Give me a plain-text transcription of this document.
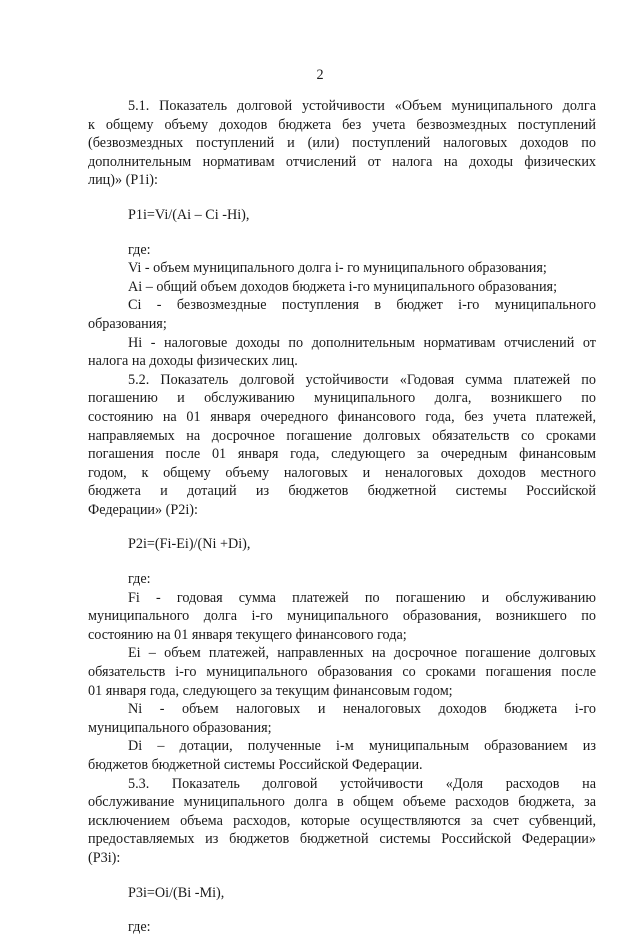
2
5.1. Показатель долговой устойчивости «Объем муниципального долга
к общему объему доходов бюджета без учета безвозмездных поступлений
(безвозмездных поступлений и (или) поступлений налоговых доходов по
дополнительным нормативам отчислений от налога на доходы физических
лиц)» (P1i):
P1i=Vi/(Ai – Ci -Hi),
где:
Vi - объем муниципального долга i- го муниципального образования;
Ai – общий объем доходов бюджета i-го муниципального образования;
Ci - безвозмездные поступления в бюджет i-го муниципального
образования;
Hi - налоговые доходы по дополнительным нормативам отчислений от
налога на доходы физических лиц.
5.2. Показатель долговой устойчивости «Годовая сумма платежей по
погашению и обслуживанию муниципального долга, возникшего по
состоянию на 01 января очередного финансового года, без учета платежей,
направляемых на досрочное погашение долговых обязательств со сроками
погашения после 01 января года, следующего за очередным финансовым
годом, к общему объему налоговых и неналоговых доходов местного
бюджета и дотаций из бюджетов бюджетной системы Российской
Федерации» (P2i):
P2i=(Fi-Ei)/(Ni +Di),
где:
Fi - годовая сумма платежей по погашению и обслуживанию
муниципального долга i-го муниципального образования, возникшего по
состоянию на 01 января текущего финансового года;
Ei – объем платежей, направленных на досрочное погашение долговых
обязательств i-го муниципального образования со сроками погашения после
01 января года, следующего за текущим финансовым годом;
Ni - объем налоговых и неналоговых доходов бюджета i-го
муниципального образования;
Di – дотации, полученные i-м муниципальным образованием из
бюджетов бюджетной системы Российской Федерации.
5.3. Показатель долговой устойчивости «Доля расходов на
обслуживание муниципального долга в общем объеме расходов бюджета, за
исключением объема расходов, которые осуществляются за счет субвенций,
предоставляемых из бюджетов бюджетной системы Российской Федерации»
(P3i):
P3i=Oi/(Bi -Mi),
где:
